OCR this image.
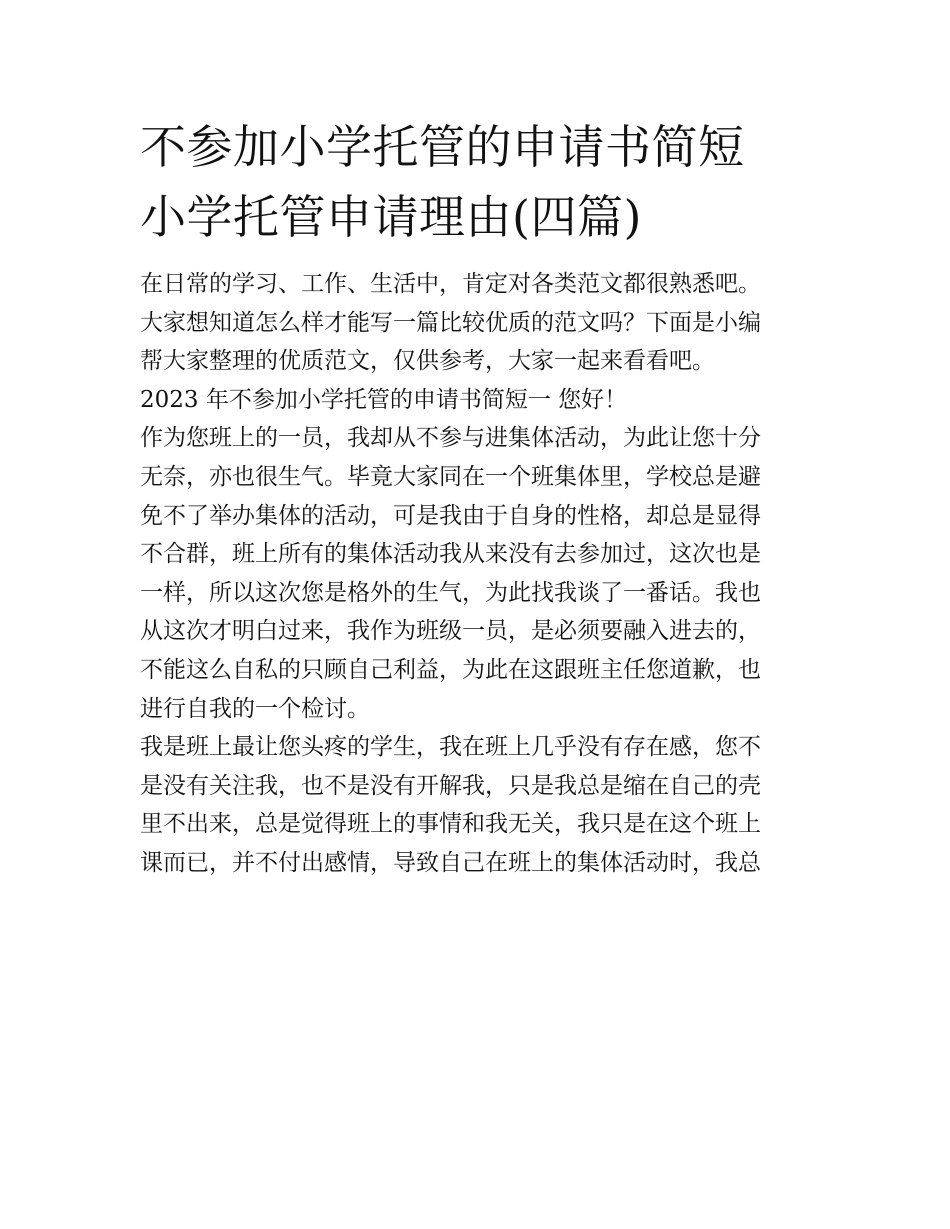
不参加小学托管的申请书简短
小学托管申请理由(四篇)

在日常的学习、工作、生活中，肯定对各类范文都很熟悉吧。
大家想知道怎么样才能写一篇比较优质的范文吗？下面是小编
帮大家整理的优质范文，仅供参考，大家一起来看看吧。

2023 年不参加小学托管的申请书简短一 您好！

作为您班上的一员，我却从不参与进集体活动，为此让您十分
无奈，亦也很生气。毕竟大家同在一个班集体里，学校总是避
免不了举办集体的活动，可是我由于自身的性格，却总是显得
不合群，班上所有的集体活动我从来没有去参加过，这次也是
一样，所以这次您是格外的生气，为此找我谈了一番话。我也
从这次才明白过来，我作为班级一员，是必须要融入进去的，
不能这么自私的只顾自己利益，为此在这跟班主任您道歉，也
进行自我的一个检讨。

我是班上最让您头疼的学生，我在班上几乎没有存在感，您不
是没有关注我，也不是没有开解我，只是我总是缩在自己的壳
里不出来，总是觉得班上的事情和我无关，我只是在这个班上
课而已，并不付出感情，导致自己在班上的集体活动时，我总
